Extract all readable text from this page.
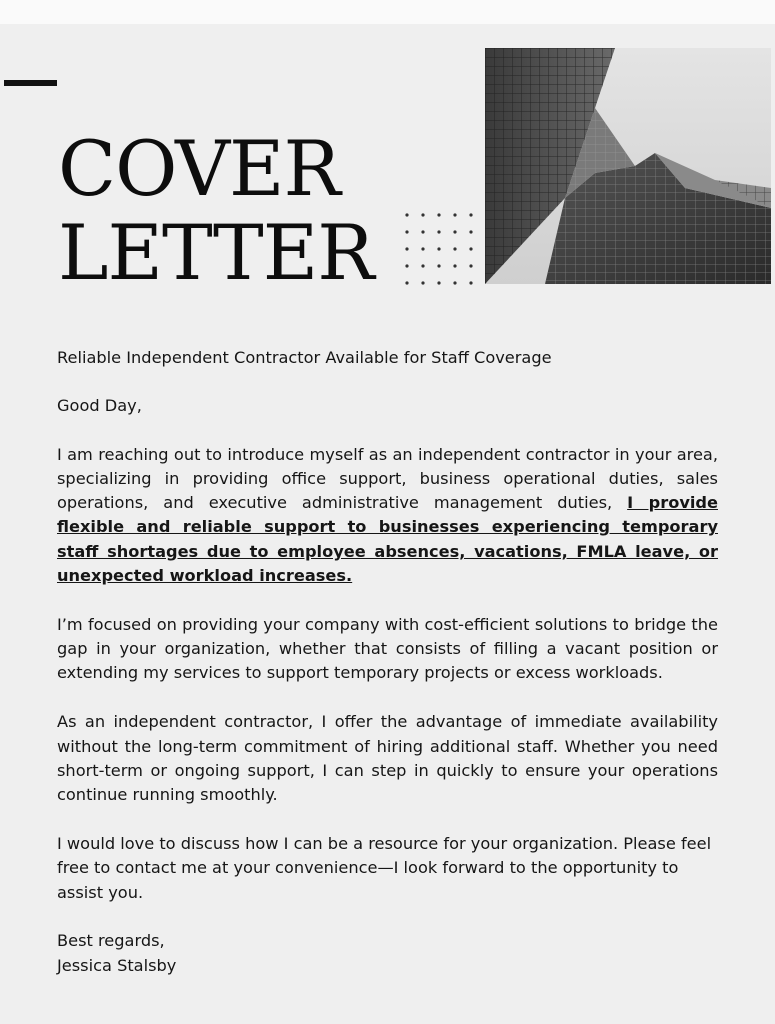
COVER
LETTER

Reliable Independent Contractor Available for Staff Coverage

Good Day,

I am reaching out to introduce myself as an independent contractor in your area, specializing in providing office support, business operational duties, sales operations, and executive administrative management duties, I provide flexible and reliable support to businesses experiencing temporary staff shortages due to employee absences, vacations, FMLA leave, or unexpected workload increases.

I’m focused on providing your company with cost-efficient solutions to bridge the gap in your organization, whether that consists of filling a vacant position or extending my services to support temporary projects or excess workloads.

As an independent contractor, I offer the advantage of immediate availability without the long-term commitment of hiring additional staff. Whether you need short-term or ongoing support, I can step in quickly to ensure your operations continue running smoothly.

I would love to discuss how I can be a resource for your organization. Please feel free to contact me at your convenience—I look forward to the opportunity to assist you.

Best regards,

Jessica Stalsby
